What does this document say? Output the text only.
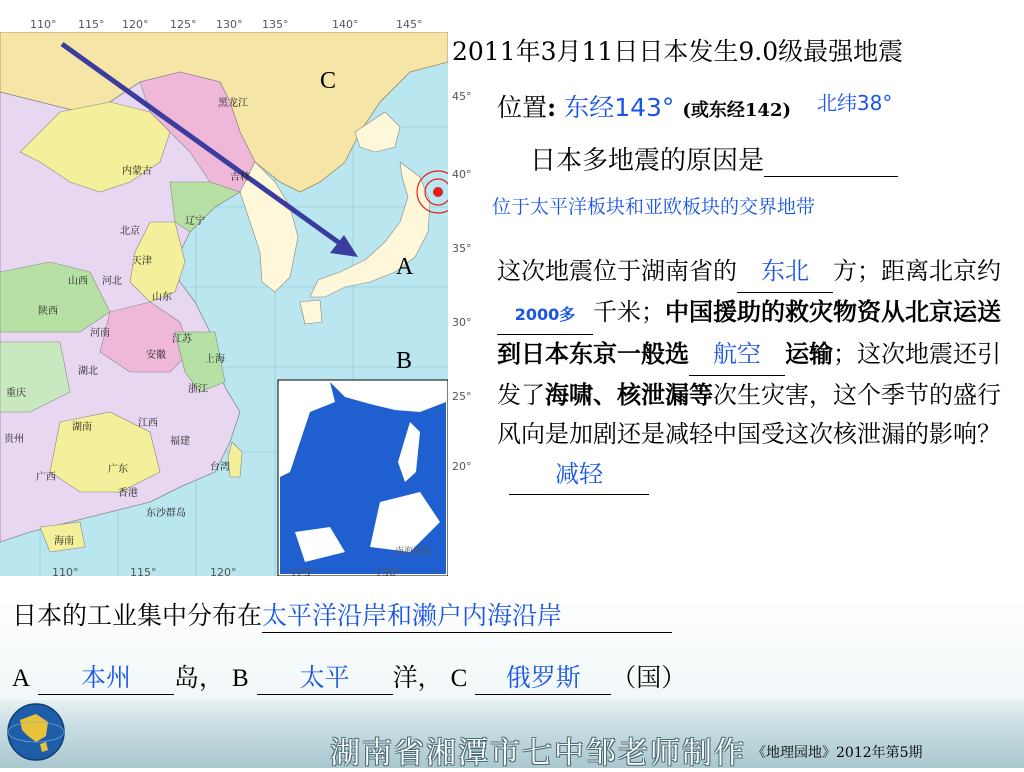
110° 115° 120° 125° 130° 135°	140°	145°
110°	115°	120°	125°	130°
黑龙江
吉林
辽宁
内蒙古
北京
天津
河北
山西
陕西
山东
河南
江苏
安徽	上海
湖北
浙江
重庆
湖南	江西
福建
贵州
广东
广西
台湾
香港
东沙群岛
海南
南海诸岛
C
A
B
45°
40°
35°
30°
25°
20°
2011年3月11日日本发生9.0级最强地震
位置: 东经143° (或东经142) $^{北纬38^\circ}$
日本多地震的原因是
位于太平洋板块和亚欧板块的交界地带
这次地震位于湖南省的 东北 方；距离北京约2000多 千米；中国援助的救灾物资从北京运送到日本东京一般选 航空 运输；这次地震还引发了海啸、核泄漏等次生灾害，这个季节的盛行风向是加剧还是减轻中国受这次核泄漏的影响？ 减轻
日本的工业集中分布在太平洋沿岸和濑户内海沿岸
A 本州 岛， B 太平 洋， C 俄罗斯 （国）
湖南省湘潭市七中邹老师制作 《地理园地》2012年第5期
